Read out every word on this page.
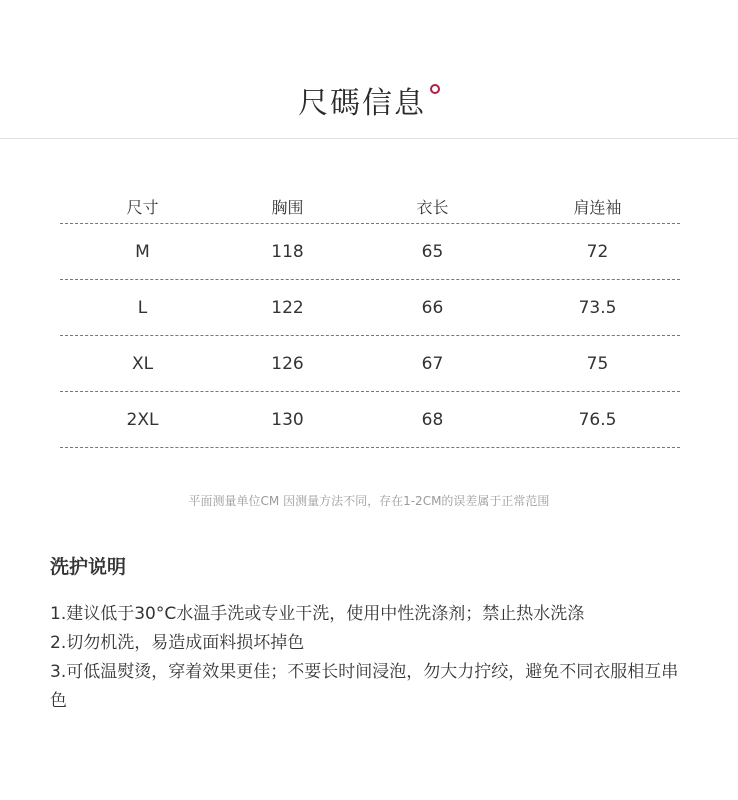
尺碼信息
尺寸	胸围	衣长	肩连袖
M	118	65	72
L	122	66	73.5
XL	126	67	75
2XL	130	68	76.5
平面测量单位CM 因测量方法不同，存在1-2CM的误差属于正常范围
洗护说明

1.建议低于30°C水温手洗或专业干洗，使用中性洗涤剂；禁止热水洗涤

2.切勿机洗，易造成面料损坏掉色

3.可低温熨烫，穿着效果更佳；不要长时间浸泡，勿大力拧绞，避免不同衣服相互串色
